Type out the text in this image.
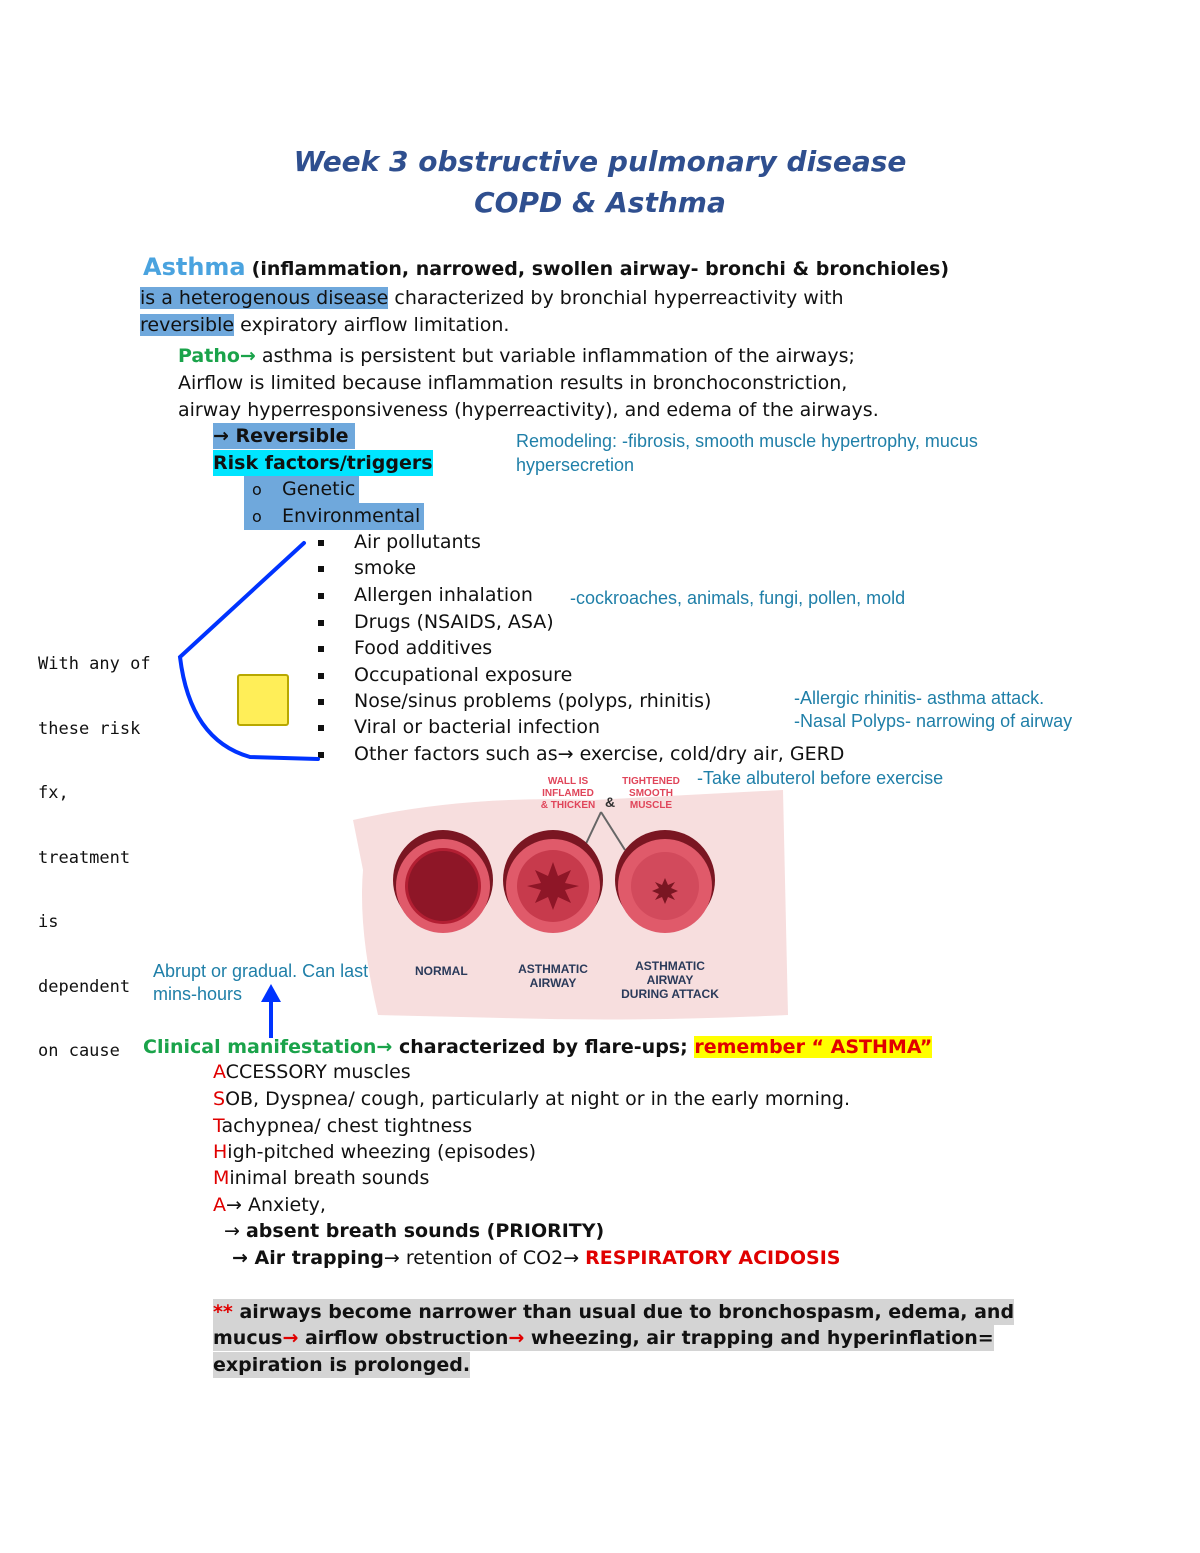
Week 3 obstructive pulmonary disease
COPD & Asthma
Asthma (inflammation, narrowed, swollen airway- bronchi & bronchioles)
is a heterogenous disease characterized by bronchial hyperreactivity with
reversible expiratory airflow limitation.
Patho→ asthma is persistent but variable inflammation of the airways;
Airflow is limited because inflammation results in bronchoconstriction,
airway hyperresponsiveness (hyperreactivity), and edema of the airways.
→ Reversible
Risk factors/triggers
o Genetic
o Environmental
Remodeling: -fibrosis, smooth muscle hypertrophy, mucus
hypersecretion
Air pollutants
smoke
Allergen inhalation
Drugs (NSAIDS, ASA)
Food additives
Occupational exposure
Nose/sinus problems (polyps, rhinitis)
Viral or bacterial infection
Other factors such as→ exercise, cold/dry air, GERD
-cockroaches, animals, fungi, pollen, mold
-Allergic rhinitis- asthma attack.
-Nasal Polyps- narrowing of airway
-Take albuterol before exercise

With any of

these risk

fx,

treatment

is

dependent

on cause

WALL IS
INFLAMED
& THICKEN &
TIGHTENED
SMOOTH
MUSCLE
NORMAL	ASTHMATIC
AIRWAY
ASTHMATIC
AIRWAY
DURING ATTACK
Abrupt or gradual. Can last
mins-hours
Clinical manifestation→ characterized by flare-ups; remember “ ASTHMA”
ACCESSORY muscles
SOB, Dyspnea/ cough, particularly at night or in the early morning.
Tachypnea/ chest tightness
High-pitched wheezing (episodes)
Minimal breath sounds
A→ Anxiety,
→ absent breath sounds (PRIORITY)
→ Air trapping→ retention of CO2→ RESPIRATORY ACIDOSIS
** airways become narrower than usual due to bronchospasm, edema, and
mucus→ airflow obstruction→ wheezing, air trapping and hyperinflation=
expiration is prolonged.
